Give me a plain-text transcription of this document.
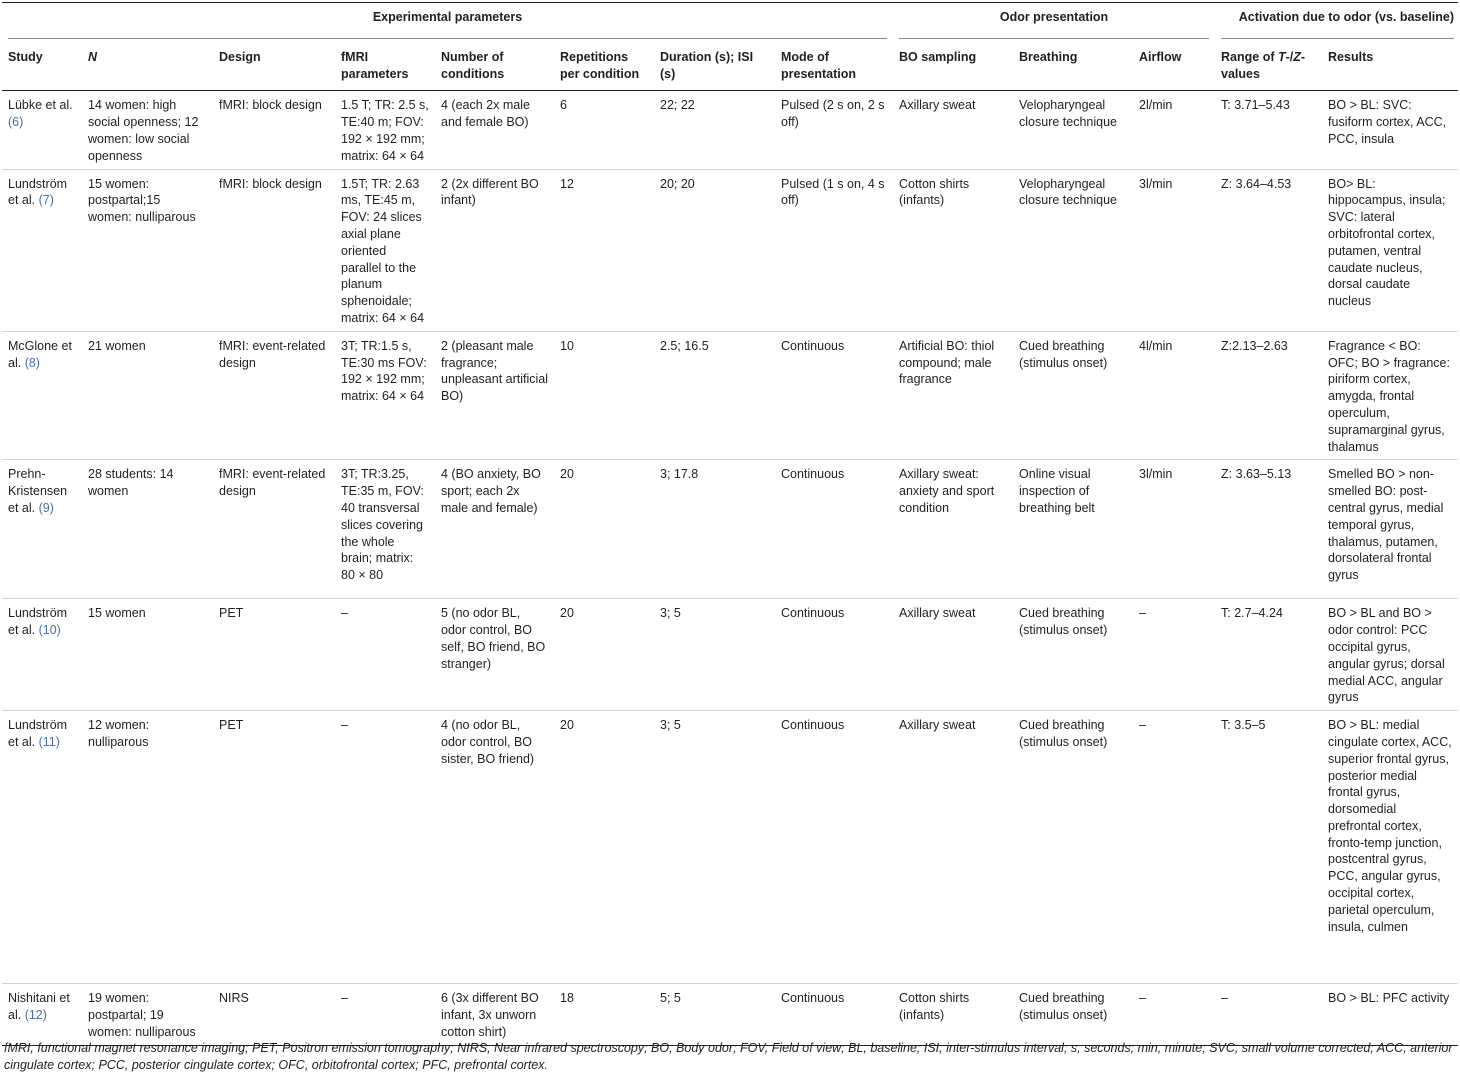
Experimental parameters								Odor presentation			Activation due to odor (vs. baseline)	

Study	N	Design	fMRI parameters	Number of conditions	Repetitions per condition	Duration (s); ISI (s)	Mode of presentation	BO sampling	Breathing	Airflow	Range of T-/Z-values	Results
Lübke et al. (6)	14 women: high social openness; 12 women: low social openness	fMRI: block design	1.5 T; TR: 2.5 s, TE:40 m; FOV: 192 × 192 mm; matrix: 64 × 64	4 (each 2x male and female BO)	6	22; 22	Pulsed (2 s on, 2 s off)	Axillary sweat	Velopharyngeal closure technique	2l/min	T: 3.71–5.43	BO > BL: SVC: fusiform cortex, ACC, PCC, insula
Lundström et al. (7)	15 women: postpartal;15 women: nulliparous	fMRI: block design	1.5T; TR: 2.63 ms, TE:45 m, FOV: 24 slices axial plane oriented parallel to the planum sphenoidale; matrix: 64 × 64	2 (2x different BO infant)	12	20; 20	Pulsed (1 s on, 4 s off)	Cotton shirts (infants)	Velopharyngeal closure technique	3l/min	Z: 3.64–4.53	BO> BL: hippocampus, insula; SVC: lateral orbitofrontal cortex, putamen, ventral caudate nucleus, dorsal caudate nucleus
McGlone et al. (8)	21 women	fMRI: event-related design	3T; TR:1.5 s, TE:30 ms FOV: 192 × 192 mm; matrix: 64 × 64	2 (pleasant male fragrance; unpleasant artificial BO)	10	2.5; 16.5	Continuous	Artificial BO: thiol compound; male fragrance	Cued breathing (stimulus onset)	4l/min	Z:2.13–2.63	Fragrance < BO: OFC; BO > fragrance: piriform cortex, amygda, frontal operculum, supramarginal gyrus, thalamus
Prehn-Kristensen et al. (9)	28 students: 14 women	fMRI: event-related design	3T; TR:3.25, TE:35 m, FOV: 40 transversal slices covering the whole brain; matrix: 80 × 80	4 (BO anxiety, BO sport; each 2x male and female)	20	3; 17.8	Continuous	Axillary sweat: anxiety and sport condition	Online visual inspection of breathing belt	3l/min	Z: 3.63–5.13	Smelled BO > non-smelled BO: post-central gyrus, medial temporal gyrus, thalamus, putamen, dorsolateral frontal gyrus
Lundström et al. (10)	15 women	PET	–	5 (no odor BL, odor control, BO self, BO friend, BO stranger)	20	3; 5	Continuous	Axillary sweat	Cued breathing (stimulus onset)	–	T: 2.7–4.24	BO > BL and BO > odor control: PCC occipital gyrus, angular gyrus; dorsal medial ACC, angular gyrus
Lundström et al. (11)	12 women: nulliparous	PET	–	4 (no odor BL, odor control, BO sister, BO friend)	20	3; 5	Continuous	Axillary sweat	Cued breathing (stimulus onset)	–	T: 3.5–5	BO > BL: medial cingulate cortex, ACC, superior frontal gyrus, posterior medial frontal gyrus, dorsomedial prefrontal cortex, fronto-temp junction, postcentral gyrus, PCC, angular gyrus, occipital cortex, parietal operculum, insula, culmen
Nishitani et al. (12)	19 women: postpartal; 19 women: nulliparous	NIRS	–	6 (3x different BO infant, 3x unworn cotton shirt)	18	5; 5	Continuous	Cotton shirts (infants)	Cued breathing (stimulus onset)	–	–	BO > BL: PFC activity
fMRI, functional magnet resonance imaging; PET, Positron emission tomography; NIRS, Near infrared spectroscopy; BO, Body odor; FOV, Field of view; BL, baseline; ISI, inter-stimulus interval; s, seconds; min, minute; SVC, small volume corrected; ACC, anterior cingulate cortex; PCC, posterior cingulate cortex; OFC, orbitofrontal cortex; PFC, prefrontal cortex.
